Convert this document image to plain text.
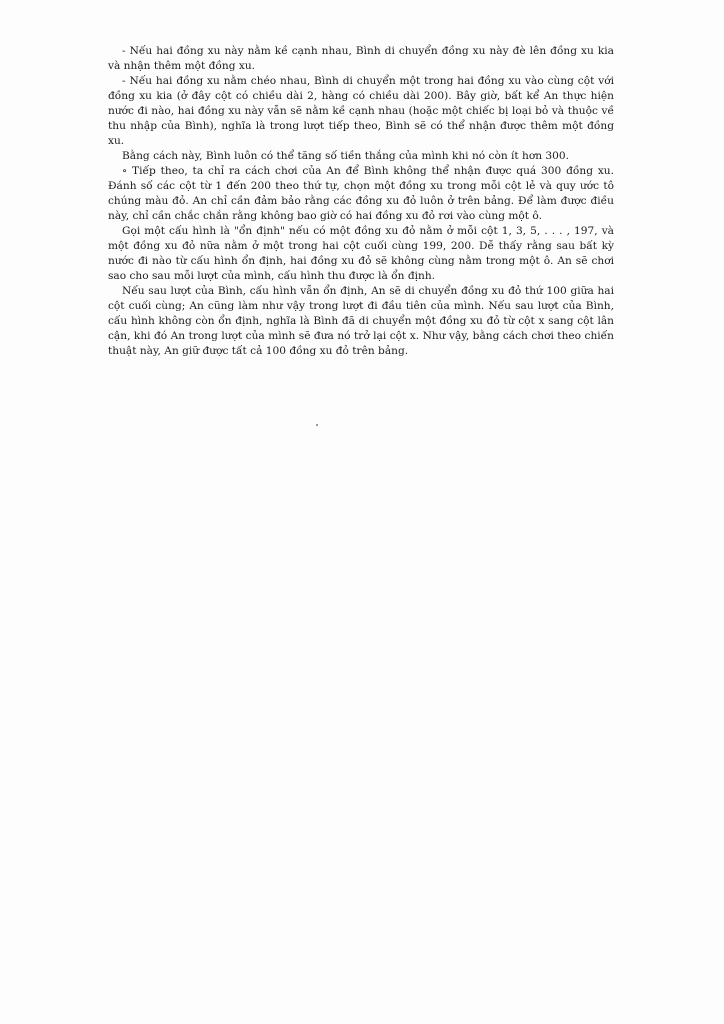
- Nếu hai đồng xu này nằm kề cạnh nhau, Bình di chuyển đồng xu này đè lên đồng xu kia và nhận thêm một đồng xu.

- Nếu hai đồng xu nằm chéo nhau, Bình di chuyển một trong hai đồng xu vào cùng cột với đồng xu kia (ở đây cột có chiều dài 2, hàng có chiều dài 200). Bây giờ, bất kể An thực hiện nước đi nào, hai đồng xu này vẫn sẽ nằm kề cạnh nhau (hoặc một chiếc bị loại bỏ và thuộc về thu nhập của Bình), nghĩa là trong lượt tiếp theo, Bình sẽ có thể nhận được thêm một đồng xu.

Bằng cách này, Bình luôn có thể tăng số tiền thắng của mình khi nó còn ít hơn 300.

∘ Tiếp theo, ta chỉ ra cách chơi của An để Bình không thể nhận được quá 300 đồng xu. Đánh số các cột từ 1 đến 200 theo thứ tự, chọn một đồng xu trong mỗi cột lẻ và quy ước tô chúng màu đỏ. An chỉ cần đảm bảo rằng các đồng xu đỏ luôn ở trên bảng. Để làm được điều này, chỉ cần chắc chắn rằng không bao giờ có hai đồng xu đỏ rơi vào cùng một ô.

Gọi một cấu hình là "ổn định" nếu có một đồng xu đỏ nằm ở mỗi cột 1, 3, 5, . . . , 197, và một đồng xu đỏ nữa nằm ở một trong hai cột cuối cùng 199, 200. Dễ thấy rằng sau bất kỳ nước đi nào từ cấu hình ổn định, hai đồng xu đỏ sẽ không cùng nằm trong một ô. An sẽ chơi sao cho sau mỗi lượt của mình, cấu hình thu được là ổn định.

Nếu sau lượt của Bình, cấu hình vẫn ổn định, An sẽ di chuyển đồng xu đỏ thứ 100 giữa hai cột cuối cùng; An cũng làm như vậy trong lượt đi đầu tiên của mình. Nếu sau lượt của Bình, cấu hình không còn ổn định, nghĩa là Bình đã di chuyển một đồng xu đỏ từ cột x sang cột lân cận, khi đó An trong lượt của mình sẽ đưa nó trở lại cột x. Như vậy, bằng cách chơi theo chiến thuật này, An giữ được tất cả 100 đồng xu đỏ trên bảng.
